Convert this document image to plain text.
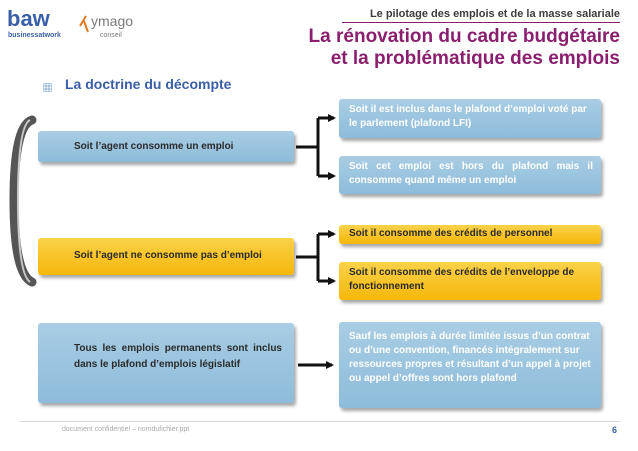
baw
businessatwork
ymago
conseil
Le pilotage des emplois et de la masse salariale
La rénovation du cadre budgétaire
et la problématique des emplois
La doctrine du décompte
Soit l’agent consomme un emploi
Soit l’agent ne consomme pas d’emploi
Tous les emplois permanents sont inclus dans le plafond d’emplois législatif
Soit il est inclus dans le plafond d’emploi voté par le parlement (plafond LFI)
Soit cet emploi est hors du plafond mais il consomme quand même un emploi
Soit il consomme des crédits de personnel
Soit il consomme des crédits de l’enveloppe de fonctionnement
Sauf les emplois à durée limitée issus d’un contrat ou d’une convention, financés intégralement sur ressources propres et résultant d’un appel à projet ou appel d’offres sont hors plafond
document confidentiel – nomdufichier.ppt	6
